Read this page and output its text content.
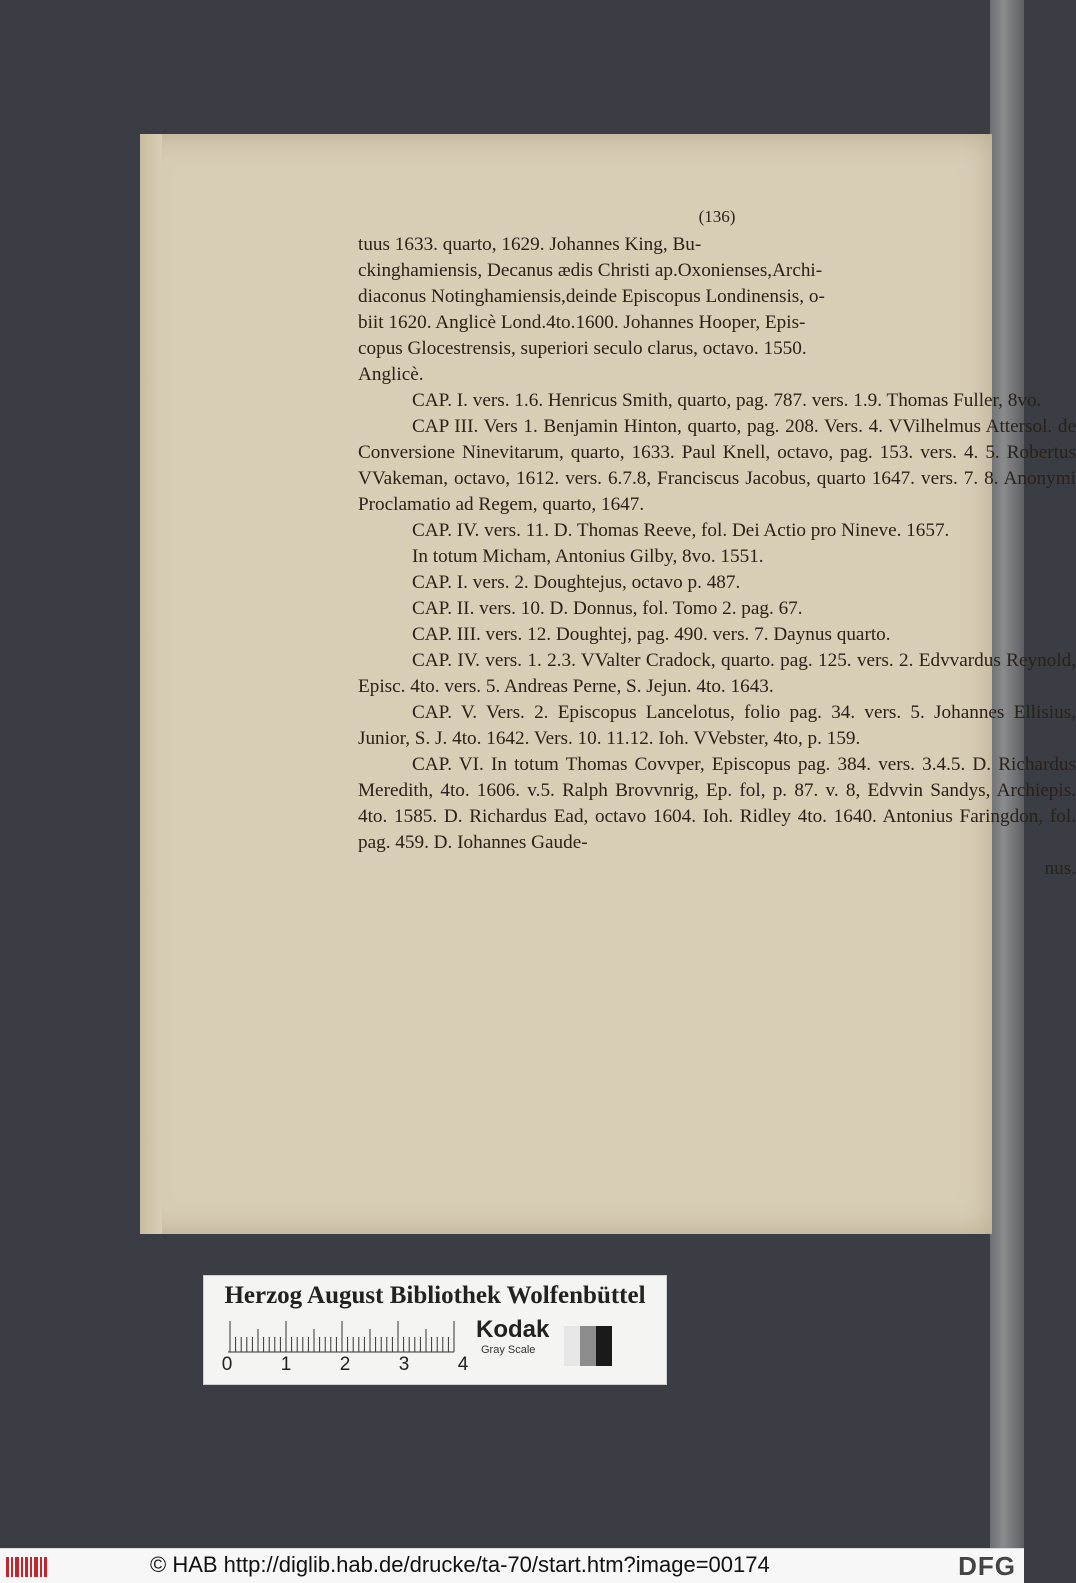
(136)
tuus 1633. quarto, 1629. Johannes King, Bu-
ckinghamiensis, Decanus ædis Christi ap.Oxonienses,Archi-
diaconus Notinghamiensis,deinde Episcopus Londinensis, o-
biit 1620. Anglicè Lond.4to.1600. Johannes Hooper, Epis-
copus Glocestrensis, superiori seculo clarus, octavo. 1550.
Anglicè.

CAP. I. vers. 1.6. Henricus Smith, quarto, pag. 787. vers. 1.9. Thomas Fuller, 8vo.

CAP III. Vers 1. Benjamin Hinton, quarto, pag. 208. Vers. 4. VVilhelmus Attersol. de Conversione Ninevitarum, quarto, 1633. Paul Knell, octavo, pag. 153. vers. 4. 5. Robertus VVakeman, octavo, 1612. vers. 6.7.8, Franciscus Jacobus, quarto 1647. vers. 7. 8. Anonymi Proclamatio ad Regem, quarto, 1647.

CAP. IV. vers. 11. D. Thomas Reeve, fol. Dei Actio pro Nineve. 1657.

In totum Micham, Antonius Gilby, 8vo. 1551.

CAP. I. vers. 2. Doughtejus, octavo p. 487.

CAP. II. vers. 10. D. Donnus, fol. Tomo 2. pag. 67.

CAP. III. vers. 12. Doughtej, pag. 490. vers. 7. Daynus quarto.

CAP. IV. vers. 1. 2.3. VValter Cradock, quarto. pag. 125. vers. 2. Edvvardus Reynold, Episc. 4to. vers. 5. Andreas Perne, S. Jejun. 4to. 1643.

CAP. V. Vers. 2. Episcopus Lancelotus, folio pag. 34. vers. 5. Johannes Ellisius, Junior, S. J. 4to. 1642. Vers. 10. 11.12. Ioh. VVebster, 4to, p. 159.

CAP. VI. In totum Thomas Covvper, Episcopus pag. 384. vers. 3.4.5. D. Richardus Meredith, 4to. 1606. v.5. Ralph Brovvnrig, Ep. fol, p. 87. v. 8, Edvvin Sandys, Archiepis. 4to. 1585. D. Richardus Ead, octavo 1604. Ioh. Ridley 4to. 1640. Antonius Faringdon, fol. pag. 459. D. Iohannes Gaude-

nus.
Herzog August Bibliothek Wolfenbüttel
0	1	2	3	4
Kodak
Gray Scale
© HAB http://diglib.hab.de/drucke/ta-70/start.htm?image=00174	DFG
